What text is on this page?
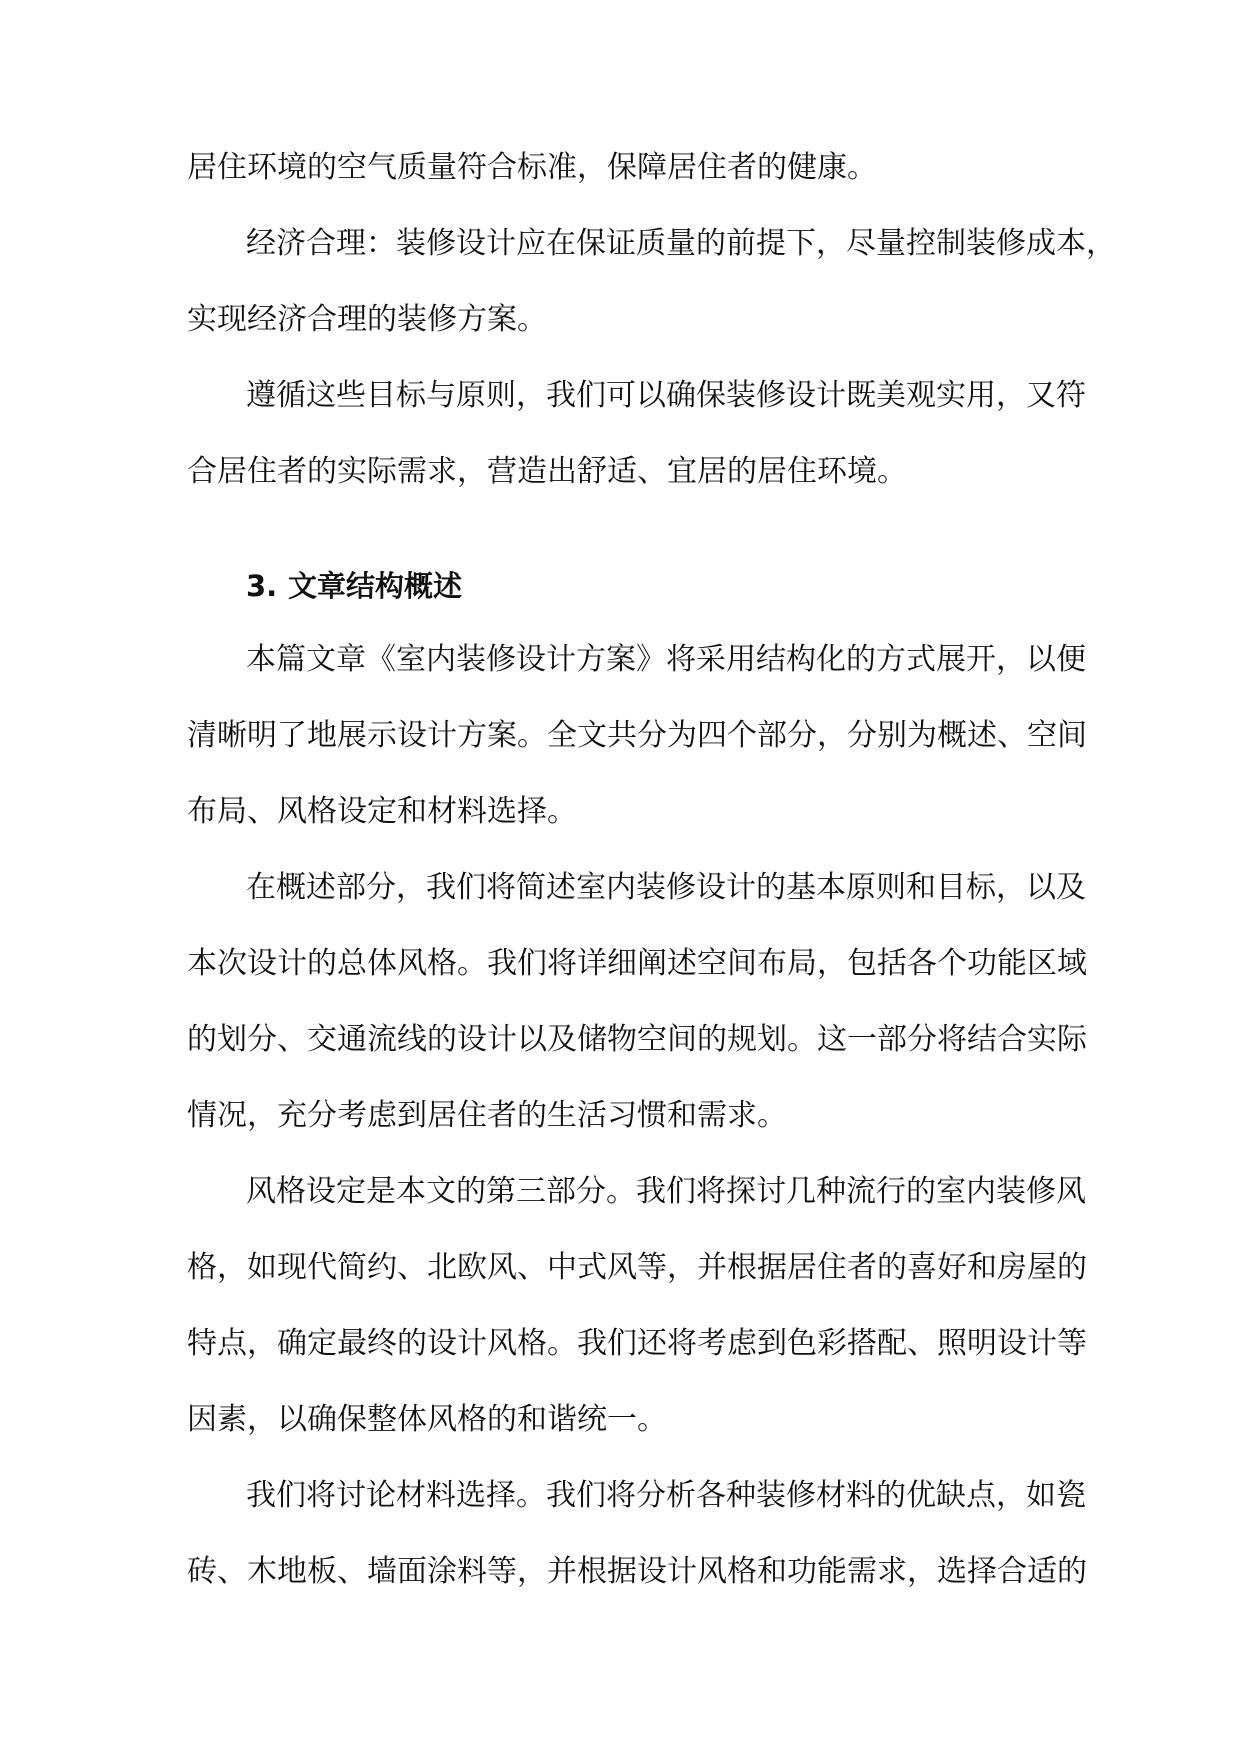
居住环境的空气质量符合标准，保障居住者的健康。
经济合理：装修设计应在保证质量的前提下，尽量控制装修成本，
实现经济合理的装修方案。
遵循这些目标与原则，我们可以确保装修设计既美观实用，又符
合居住者的实际需求，营造出舒适、宜居的居住环境。
3. 文章结构概述
本篇文章《室内装修设计方案》将采用结构化的方式展开，以便
清晰明了地展示设计方案。全文共分为四个部分，分别为概述、空间
布局、风格设定和材料选择。
在概述部分，我们将简述室内装修设计的基本原则和目标，以及
本次设计的总体风格。我们将详细阐述空间布局，包括各个功能区域
的划分、交通流线的设计以及储物空间的规划。这一部分将结合实际
情况，充分考虑到居住者的生活习惯和需求。
风格设定是本文的第三部分。我们将探讨几种流行的室内装修风
格，如现代简约、北欧风、中式风等，并根据居住者的喜好和房屋的
特点，确定最终的设计风格。我们还将考虑到色彩搭配、照明设计等
因素，以确保整体风格的和谐统一。
我们将讨论材料选择。我们将分析各种装修材料的优缺点，如瓷
砖、木地板、墙面涂料等，并根据设计风格和功能需求，选择合适的
